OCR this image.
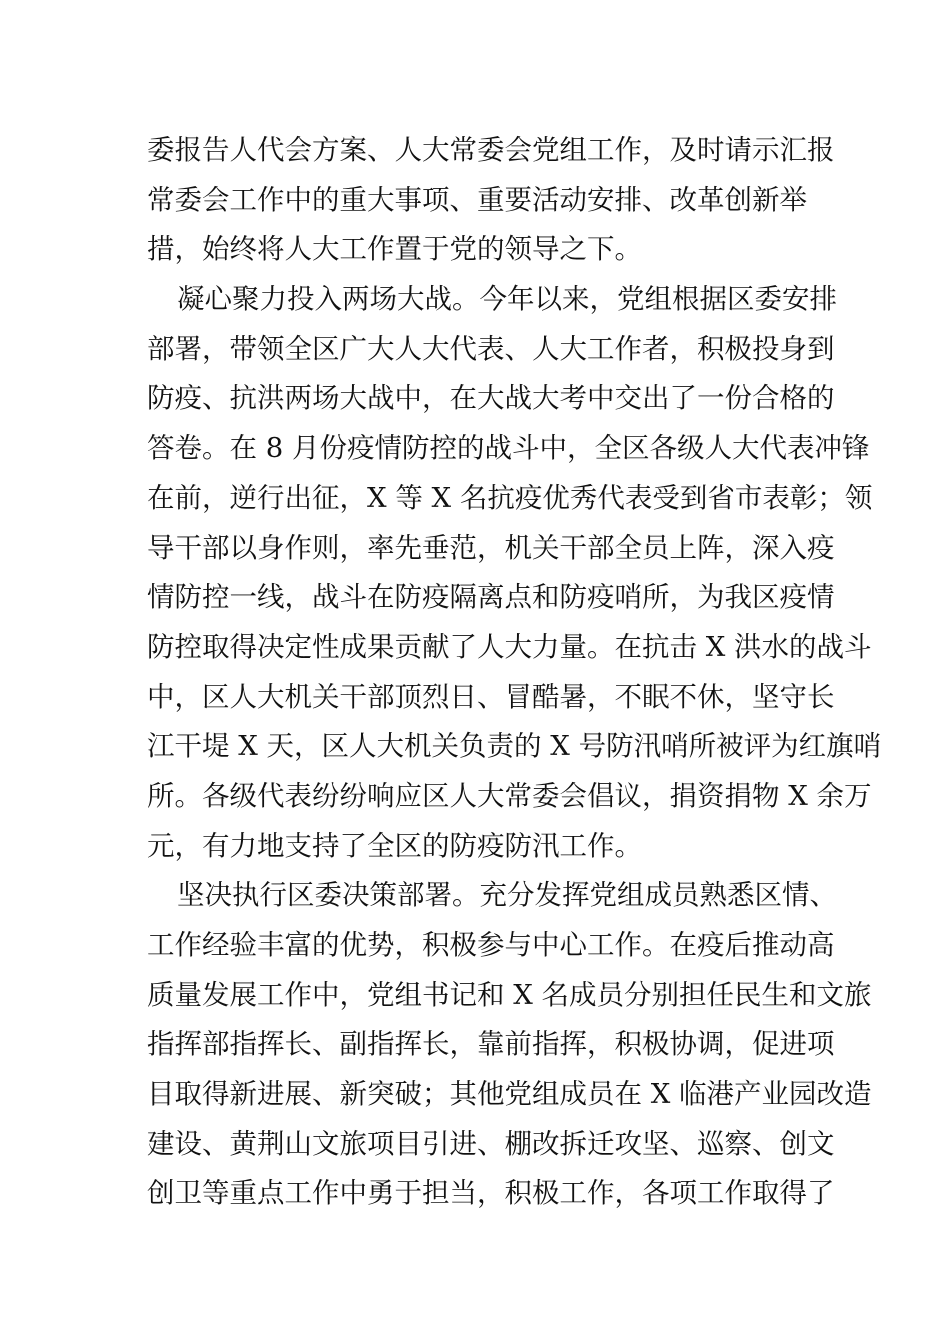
委报告人代会方案、人大常委会党组工作，及时请示汇报
常委会工作中的重大事项、重要活动安排、改革创新举
措，始终将人大工作置于党的领导之下。
凝心聚力投入两场大战。今年以来，党组根据区委安排
部署，带领全区广大人大代表、人大工作者，积极投身到
防疫、抗洪两场大战中，在大战大考中交出了一份合格的
答卷。在 8 月份疫情防控的战斗中，全区各级人大代表冲锋
在前，逆行出征，X 等 X 名抗疫优秀代表受到省市表彰；领
导干部以身作则，率先垂范，机关干部全员上阵，深入疫
情防控一线，战斗在防疫隔离点和防疫哨所，为我区疫情
防控取得决定性成果贡献了人大力量。在抗击 X 洪水的战斗
中，区人大机关干部顶烈日、冒酷暑，不眠不休，坚守长
江干堤 X 天，区人大机关负责的 X 号防汛哨所被评为红旗哨
所。各级代表纷纷响应区人大常委会倡议，捐资捐物 X 余万
元，有力地支持了全区的防疫防汛工作。
坚决执行区委决策部署。充分发挥党组成员熟悉区情、
工作经验丰富的优势，积极参与中心工作。在疫后推动高
质量发展工作中，党组书记和 X 名成员分别担任民生和文旅
指挥部指挥长、副指挥长，靠前指挥，积极协调，促进项
目取得新进展、新突破；其他党组成员在 X 临港产业园改造
建设、黄荆山文旅项目引进、棚改拆迁攻坚、巡察、创文
创卫等重点工作中勇于担当，积极工作，各项工作取得了
